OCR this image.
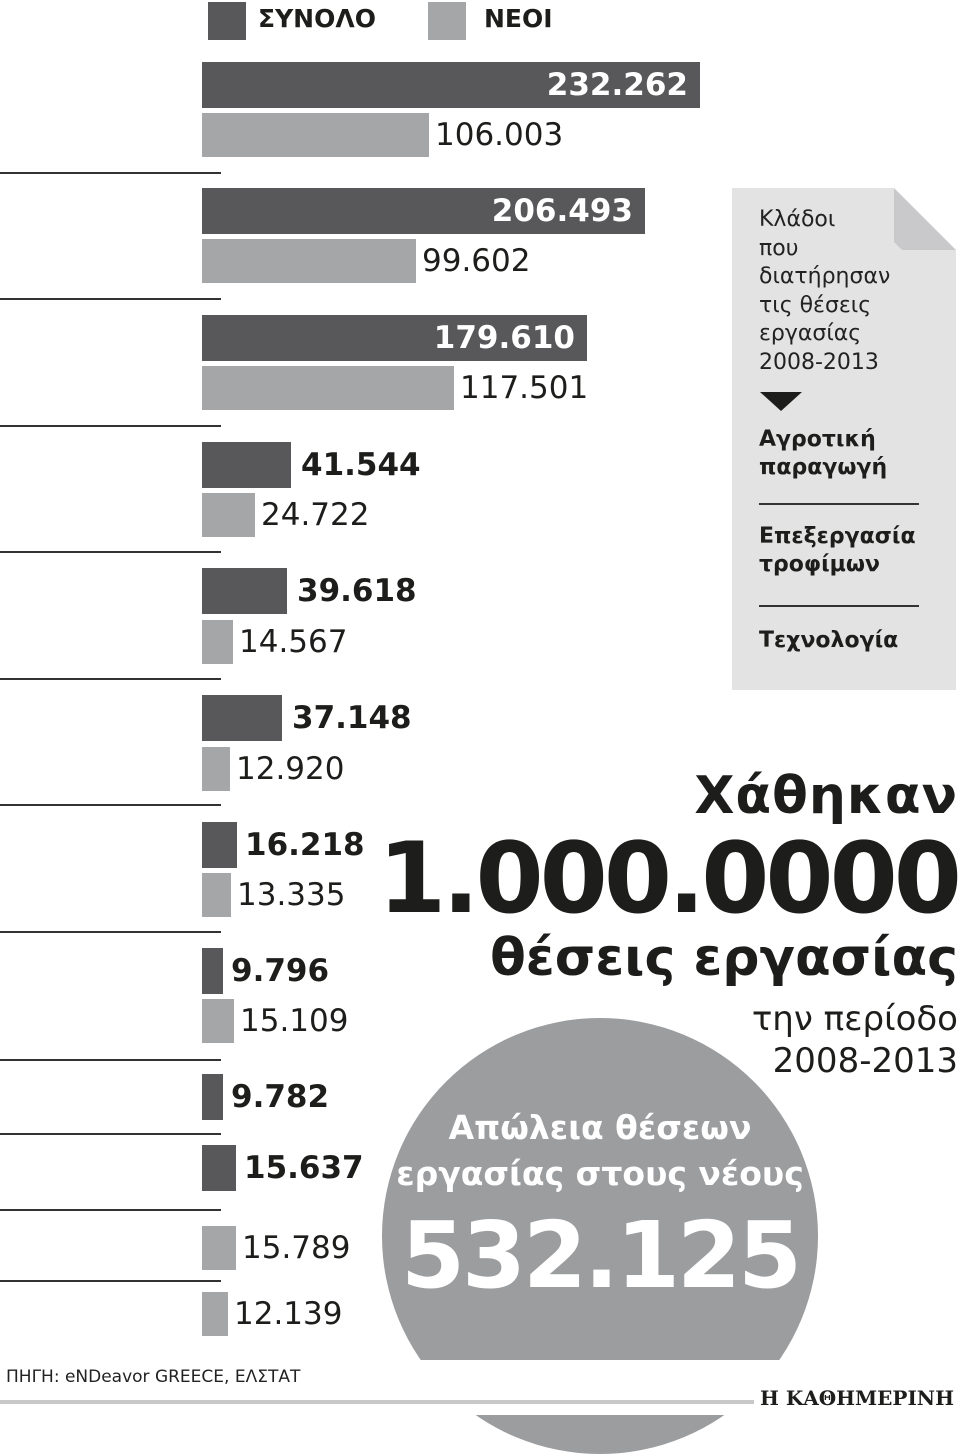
ΣΥΝΟΛΟ	ΝΕΟΙ
232.262
106.003
206.493
99.602
179.610
117.501
41.544
24.722
39.618
14.567
37.148
12.920
16.218
13.335
9.796
15.109
9.782
15.637
15.789
12.139
Κλάδοι
που
διατήρησαν
τις θέσεις
εργασίας
2008-2013
Αγροτική
παραγωγή
Επεξεργασία
τροφίμων
Τεχνολογία
Χάθηκαν
1.000.0000
θέσεις εργασίας
την περίοδο
2008-2013
Απώλεια θέσεων
εργασίας στους νέους
532.125
ΠΗΓΗ: eNDeavor GREECE, ΕΛΣΤΑΤ
Η ΚΑΘΗΜΕΡΙΝΗ
